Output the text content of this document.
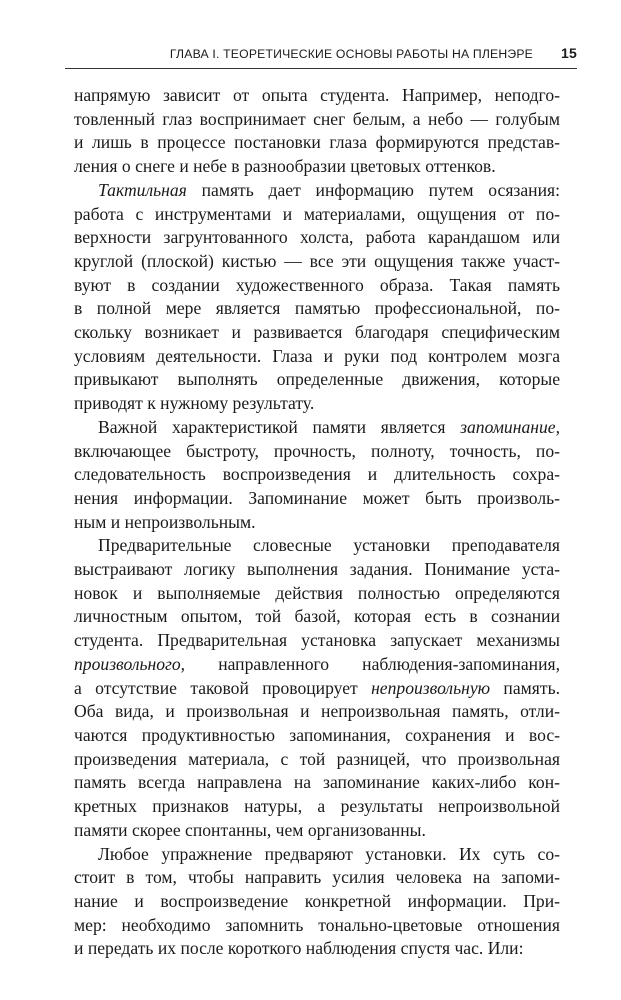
ГЛАВА I. ТЕОРЕТИЧЕСКИЕ ОСНОВЫ РАБОТЫ НА ПЛЕНЭРЕ 15

напрямую зависит от опыта студента. Например, неподго-
товленный глаз воспринимает снег белым, а небо — голубым
и лишь в процессе постановки глаза формируются представ-
ления о снеге и небе в разнообразии цветовых оттенков.

Тактильная память дает информацию путем осязания:
работа с инструментами и материалами, ощущения от по-
верхности загрунтованного холста, работа карандашом или
круглой (плоской) кистью — все эти ощущения также участ-
вуют в создании художественного образа. Такая память
в полной мере является памятью профессиональной, по-
скольку возникает и развивается благодаря специфическим
условиям деятельности. Глаза и руки под контролем мозга
привыкают выполнять определенные движения, которые
приводят к нужному результату.

Важной характеристикой памяти является запоминание,
включающее быстроту, прочность, полноту, точность, по-
следовательность воспроизведения и длительность сохра-
нения информации. Запоминание может быть произволь-
ным и непроизвольным.

Предварительные словесные установки преподавателя
выстраивают логику выполнения задания. Понимание уста-
новок и выполняемые действия полностью определяются
личностным опытом, той базой, которая есть в сознании
студента. Предварительная установка запускает механизмы
произвольного, направленного наблюдения-запоминания,
а отсутствие таковой провоцирует непроизвольную память.
Оба вида, и произвольная и непроизвольная память, отли-
чаются продуктивностью запоминания, сохранения и вос-
произведения материала, с той разницей, что произвольная
память всегда направлена на запоминание каких-либо кон-
кретных признаков натуры, а результаты непроизвольной
памяти скорее спонтанны, чем организованны.

Любое упражнение предваряют установки. Их суть со-
стоит в том, чтобы направить усилия человека на запоми-
нание и воспроизведение конкретной информации. При-
мер: необходимо запомнить тонально-цветовые отношения
и передать их после короткого наблюдения спустя час. Или:
